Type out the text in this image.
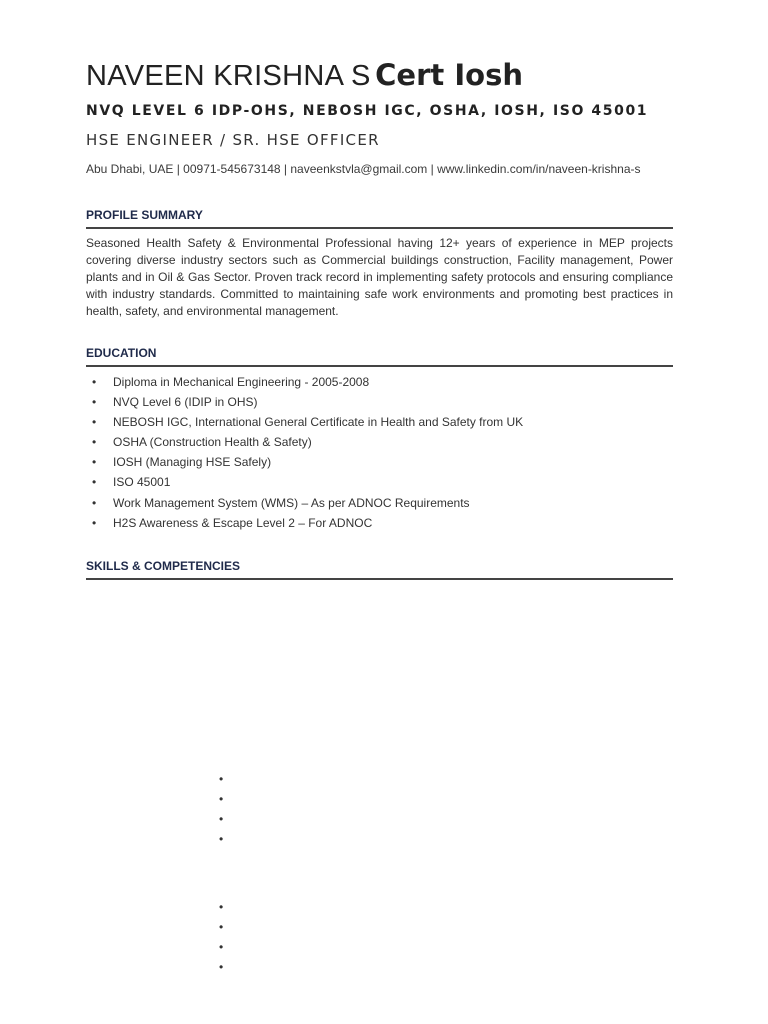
NAVEEN KRISHNA S Cert Iosh
NVQ LEVEL 6 IDP-OHS, NEBOSH IGC, OSHA, IOSH, ISO 45001
HSE ENGINEER / SR. HSE OFFICER
Abu Dhabi, UAE | 00971-545673148 | naveenkstvla@gmail.com | www.linkedin.com/in/naveen-krishna-s
PROFILE SUMMARY

Seasoned Health Safety & Environmental Professional having 12+ years of experience in MEP projects covering diverse industry sectors such as Commercial buildings construction, Facility management, Power plants and in Oil & Gas Sector. Proven track record in implementing safety protocols and ensuring compliance with industry standards. Committed to maintaining safe work environments and promoting best practices in health, safety, and environmental management.

EDUCATION
• Diploma in Mechanical Engineering - 2005-2008
• NVQ Level 6 (IDIP in OHS)
• NEBOSH IGC, International General Certificate in Health and Safety from UK
• OSHA (Construction Health & Safety)
• IOSH (Managing HSE Safely)
• ISO 45001
• Work Management System (WMS) – As per ADNOC Requirements
• H2S Awareness & Escape Level 2 – For ADNOC
SKILLS & COMPETENCIES
•
•
•
•
•
•
•
•
